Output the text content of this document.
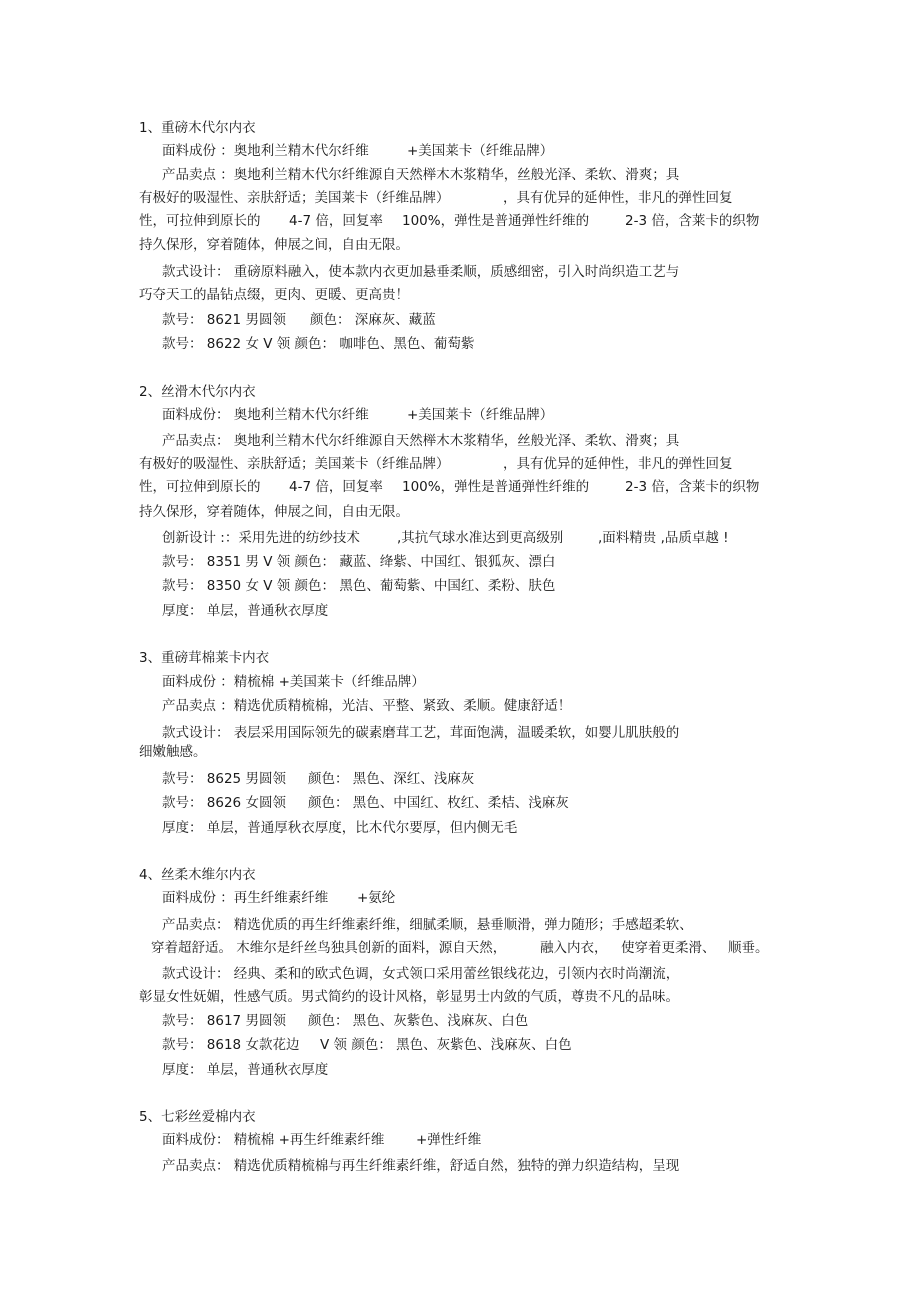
1、重磅木代尔内衣
面料成份 ：奥地利兰精木代尔纤维	+美国莱卡（纤维品牌）
产品卖点 ：奥地利兰精木代尔纤维源自天然榉木木浆精华，丝般光泽、柔软、滑爽；具
有极好的吸湿性、亲肤舒适；美国莱卡（纤维品牌）	，具有优异的延伸性，非凡的弹性回复
性，可拉伸到原长的 4-7 倍，回复率 100%，弹性是普通弹性纤维的	2-3 倍，含莱卡的织物
持久保形，穿着随体，伸展之间，自由无限。
款式设计： 重磅原料融入，使本款内衣更加悬垂柔顺，质感细密，引入时尚织造工艺与
巧夺天工的晶钻点缀，更肉、更暖、更高贵！
款号： 8621 男圆领 颜色： 深麻灰、藏蓝
款号： 8622 女 V 领 颜色： 咖啡色、黑色、葡萄紫
2、丝滑木代尔内衣
面料成份： 奥地利兰精木代尔纤维	+美国莱卡（纤维品牌）
产品卖点： 奥地利兰精木代尔纤维源自天然榉木木浆精华，丝般光泽、柔软、滑爽；具
有极好的吸湿性、亲肤舒适；美国莱卡（纤维品牌）	，具有优异的延伸性，非凡的弹性回复
性，可拉伸到原长的 4-7 倍，回复率 100%，弹性是普通弹性纤维的	2-3 倍，含莱卡的织物
持久保形，穿着随体，伸展之间，自由无限。
创新设计 :：采用先进的纺纱技术	,其抗气球水准达到更高级别	,面料精贵 ,品质卓越 !
款号： 8351 男 V 领 颜色： 藏蓝、绛紫、中国红、银狐灰、漂白
款号： 8350 女 V 领 颜色： 黑色、葡萄紫、中国红、柔粉、肤色
厚度： 单层，普通秋衣厚度
3、重磅茸棉莱卡内衣
面料成份 ：精梳棉 +美国莱卡（纤维品牌）
产品卖点 ：精选优质精梳棉，光洁、平整、紧致、柔顺。健康舒适！
款式设计： 表层采用国际领先的碳素磨茸工艺，茸面饱满，温暖柔软，如婴儿肌肤般的
细嫩触感。
款号： 8625 男圆领 颜色： 黑色、深红、浅麻灰
款号： 8626 女圆领 颜色： 黑色、中国红、枚红、柔桔、浅麻灰
厚度： 单层，普通厚秋衣厚度，比木代尔要厚，但内侧无毛
4、丝柔木维尔内衣
面料成份 ：再生纤维素纤维 +氨纶
产品卖点： 精选优质的再生纤维素纤维，细腻柔顺，悬垂顺滑，弹力随形；手感超柔软、
穿着超舒适。 木维尔是纤丝鸟独具创新的面料，源自天然， 融入内衣， 使穿着更柔滑、 顺垂。
款式设计： 经典、柔和的欧式色调，女式领口采用蕾丝银线花边，引领内衣时尚潮流，
彰显女性妩媚，性感气质。男式简约的设计风格，彰显男士内敛的气质，尊贵不凡的品味。
款号： 8617 男圆领 颜色： 黑色、灰紫色、浅麻灰、白色
款号： 8618 女款花边 V 领 颜色： 黑色、灰紫色、浅麻灰、白色
厚度： 单层，普通秋衣厚度
5、七彩丝爱棉内衣
面料成份： 精梳棉 +再生纤维素纤维 +弹性纤维
产品卖点： 精选优质精梳棉与再生纤维素纤维，舒适自然，独特的弹力织造结构，呈现
